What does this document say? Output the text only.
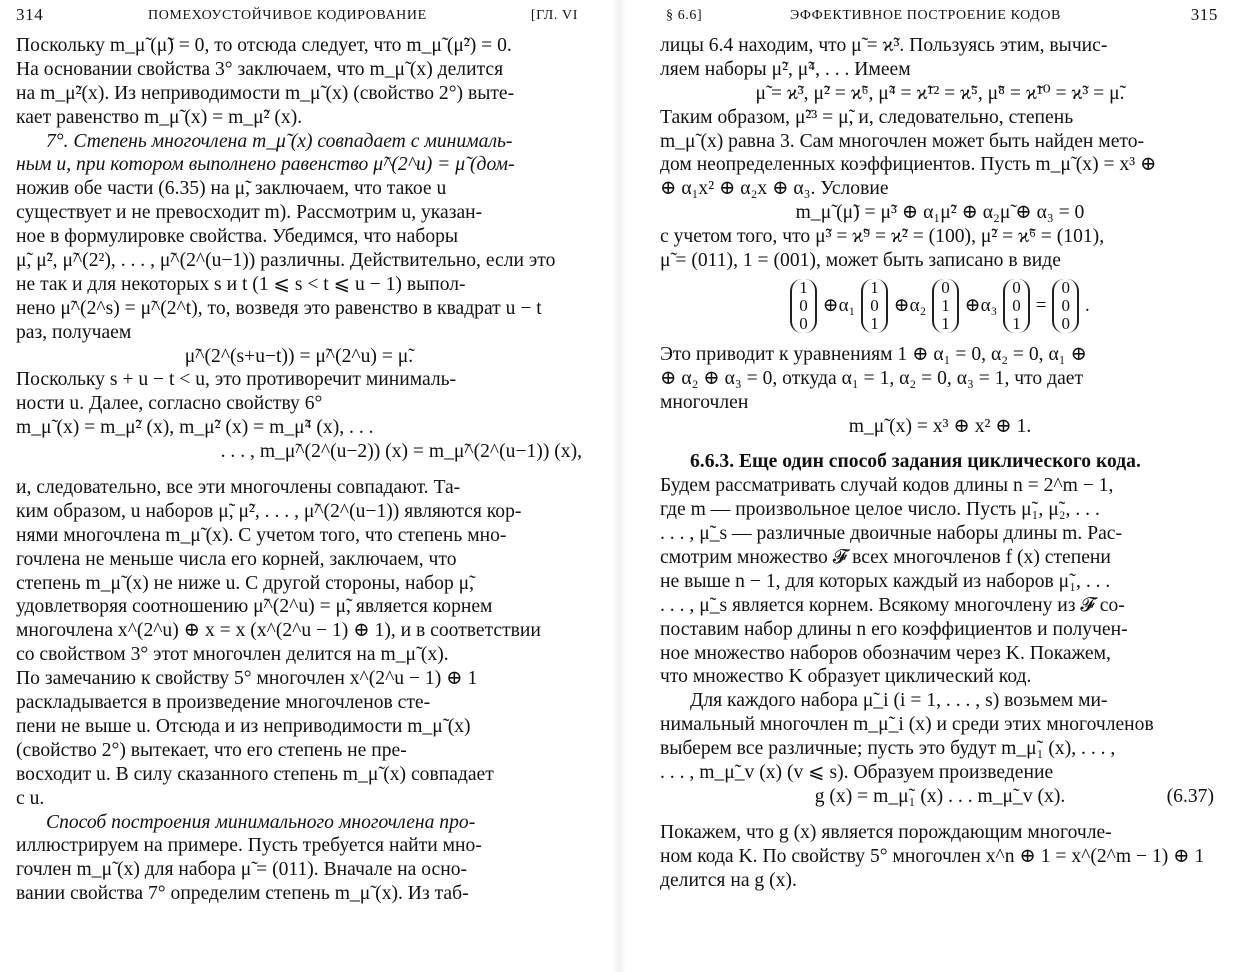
314	ПОМЕХОУСТОЙЧИВОЕ КОДИРОВАНИЕ	[ГЛ. VI
Поскольку m_μ̃ (μ̃) = 0, то отсюда следует, что m_μ̃ (μ̃²) = 0.
На основании свойства 3° заключаем, что m_μ̃ (x) делится
на m_μ̃²(x). Из неприводимости m_μ̃ (x) (свойство 2°) выте-
кает равенство m_μ̃ (x) = m_μ̃² (x).
7°. Степень многочлена m_μ̃ (x) совпадает с минималь-
ным u, при котором выполнено равенство μ̃^(2^u) = μ̃ (дом-
ножив обе части (6.35) на μ̃, заключаем, что такое u
существует и не превосходит m). Рассмотрим u, указан-
ное в формулировке свойства. Убедимся, что наборы
μ̃, μ̃², μ̃^(2²), . . . , μ̃^(2^(u−1)) различны. Действительно, если это
не так и для некоторых s и t (1 ⩽ s < t ⩽ u − 1) выпол-
нено μ̃^(2^s) = μ̃^(2^t), то, возведя это равенство в квадрат u − t
раз, получаем
μ̃^(2^(s+u−t)) = μ̃^(2^u) = μ̃.
Поскольку s + u − t < u, это противоречит минималь-
ности u. Далее, согласно свойству 6°
m_μ̃ (x) = m_μ̃² (x), m_μ̃² (x) = m_μ̃⁴ (x), . . .
. . . , m_μ̃^(2^(u−2)) (x) = m_μ̃^(2^(u−1)) (x),
и, следовательно, все эти многочлены совпадают. Та-
ким образом, u наборов μ̃, μ̃², . . . , μ̃^(2^(u−1)) являются кор-
нями многочлена m_μ̃ (x). С учетом того, что степень мно-
гочлена не меньше числа его корней, заключаем, что
степень m_μ̃ (x) не ниже u. С другой стороны, набор μ̃,
удовлетворяя соотношению μ̃^(2^u) = μ̃, является корнем
многочлена x^(2^u) ⊕ x = x (x^(2^u − 1) ⊕ 1), и в соответствии
со свойством 3° этот многочлен делится на m_μ̃ (x).
По замечанию к свойству 5° многочлен x^(2^u − 1) ⊕ 1
раскладывается в произведение многочленов сте-
пени не выше u. Отсюда и из неприводимости m_μ̃ (x)
(свойство 2°) вытекает, что его степень не пре-
восходит u. В силу сказанного степень m_μ̃ (x) совпадает
с u.
Способ построения минимального многочлена про-
иллюстрируем на примере. Пусть требуется найти мно-
гочлен m_μ̃ (x) для набора μ̃ = (011). Вначале на осно-
вании свойства 7° определим степень m_μ̃ (x). Из таб-
§ 6.6]	ЭФФЕКТИВНОЕ ПОСТРОЕНИЕ КОДОВ	315
лицы 6.4 находим, что μ̃ = ϰ̃³. Пользуясь этим, вычис-
ляем наборы μ̃², μ̃⁴, . . . Имеем
μ̃ = ϰ̃³, μ̃² = ϰ̃⁶, μ̃⁴ = ϰ̃¹² = ϰ̃⁵, μ̃⁸ = ϰ̃¹⁰ = ϰ̃³ = μ̃.
Таким образом, μ̃²³ = μ̃, и, следовательно, степень
m_μ̃ (x) равна 3. Сам многочлен может быть найден мето-
дом неопределенных коэффициентов. Пусть m_μ̃ (x) = x³ ⊕
⊕ α₁x² ⊕ α₂x ⊕ α₃. Условие
m_μ̃ (μ̃) = μ̃³ ⊕ α₁μ̃² ⊕ α₂μ̃ ⊕ α₃ = 0
с учетом того, что μ̃³ = ϰ̃⁹ = ϰ̃² = (100), μ̃² = ϰ̃⁶ = (101),
μ̃ = (011), 1 = (001), может быть записано в виде
1
0
0
⊕α₁
1
0
1
⊕α₂
0
1
1
⊕α₃
0
0
1
=
0
0
0
.
Это приводит к уравнениям 1 ⊕ α₁ = 0, α₂ = 0, α₁ ⊕
⊕ α₂ ⊕ α₃ = 0, откуда α₁ = 1, α₂ = 0, α₃ = 1, что дает
многочлен
m_μ̃ (x) = x³ ⊕ x² ⊕ 1.
6.6.3. Еще один способ задания циклического кода.
Будем рассматривать случай кодов длины n = 2^m − 1,
где m — произвольное целое число. Пусть μ̃₁, μ̃₂, . . .
. . . , μ̃_s — различные двоичные наборы длины m. Рас-
смотрим множество 𝓕 всех многочленов f (x) степени
не выше n − 1, для которых каждый из наборов μ̃₁, . . .
. . . , μ̃_s является корнем. Всякому многочлену из 𝓕 со-
поставим набор длины n его коэффициентов и получен-
ное множество наборов обозначим через K. Покажем,
что множество K образует циклический код.
Для каждого набора μ̃_i (i = 1, . . . , s) возьмем ми-
нимальный многочлен m_μ̃_i (x) и среди этих многочленов
выберем все различные; пусть это будут m_μ̃₁ (x), . . . ,
. . . , m_μ̃_v (x) (v ⩽ s). Образуем произведение
g (x) = m_μ̃₁ (x) . . . m_μ̃_v (x).	(6.37)
Покажем, что g (x) является порождающим многочле-
ном кода K. По свойству 5° многочлен x^n ⊕ 1 = x^(2^m − 1) ⊕ 1
делится на g (x).
